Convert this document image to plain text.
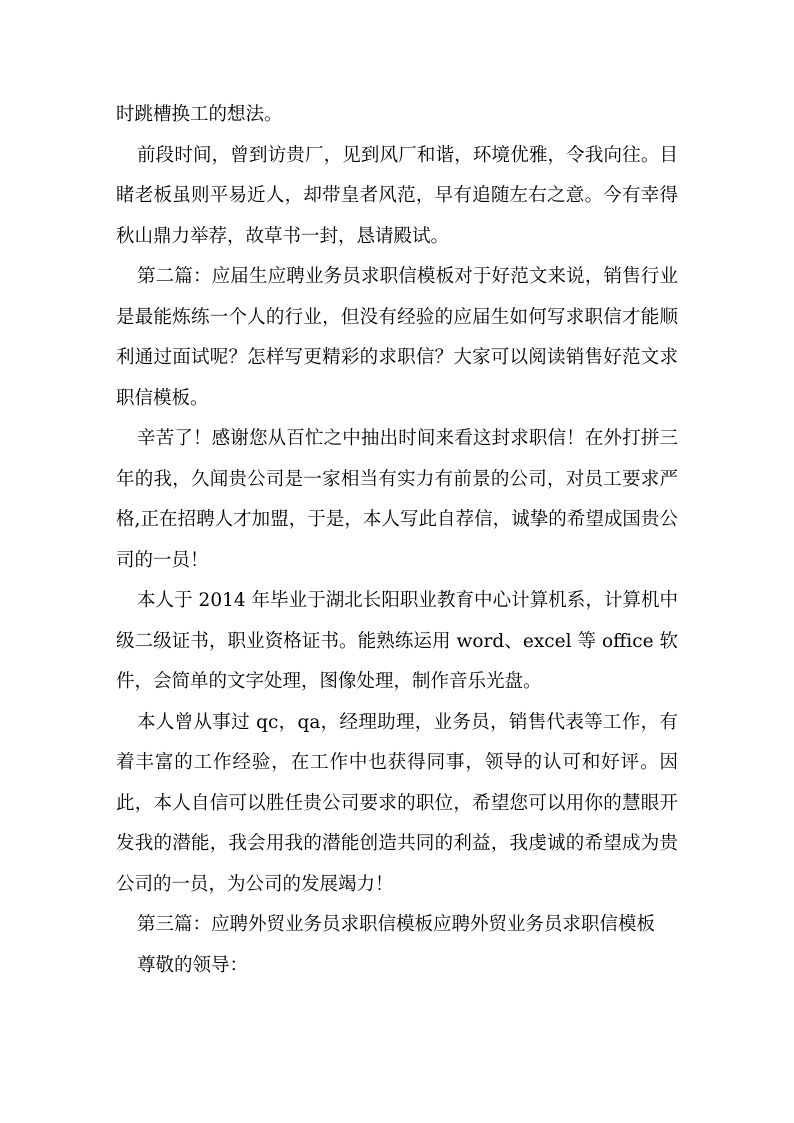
时跳槽换工的想法。

前段时间，曾到访贵厂，见到风厂和谐，环境优雅，令我向往。目睹老板虽则平易近人，却带皇者风范，早有追随左右之意。今有幸得秋山鼎力举荐，故草书一封，恳请殿试。

第二篇：应届生应聘业务员求职信模板对于好范文来说，销售行业是最能炼练一个人的行业，但没有经验的应届生如何写求职信才能顺利通过面试呢？怎样写更精彩的求职信？大家可以阅读销售好范文求职信模板。

辛苦了！感谢您从百忙之中抽出时间来看这封求职信！在外打拼三年的我，久闻贵公司是一家相当有实力有前景的公司，对员工要求严格,正在招聘人才加盟，于是，本人写此自荐信，诚挚的希望成国贵公司的一员！

本人于 2014 年毕业于湖北长阳职业教育中心计算机系，计算机中级二级证书，职业资格证书。能熟练运用 word、excel 等 office 软件，会简单的文字处理，图像处理，制作音乐光盘。

本人曾从事过 qc，qa，经理助理，业务员，销售代表等工作，有着丰富的工作经验，在工作中也获得同事，领导的认可和好评。因此，本人自信可以胜任贵公司要求的职位，希望您可以用你的慧眼开发我的潜能，我会用我的潜能创造共同的利益，我虔诚的希望成为贵公司的一员，为公司的发展竭力！

第三篇：应聘外贸业务员求职信模板应聘外贸业务员求职信模板

尊敬的领导：
